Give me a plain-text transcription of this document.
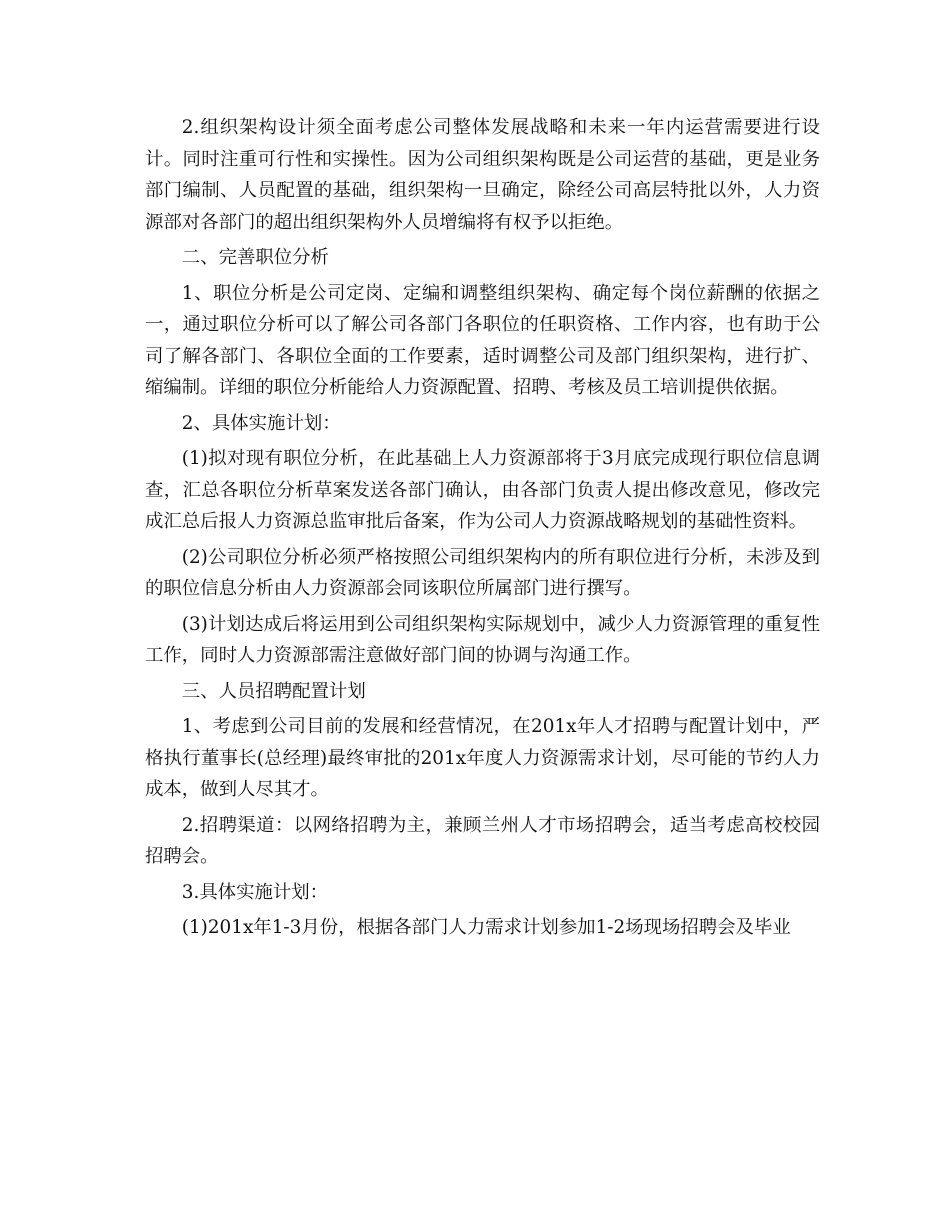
2.组织架构设计须全面考虑公司整体发展战略和未来一年内运营需要进行设计。同时注重可行性和实操性。因为公司组织架构既是公司运营的基础，更是业务部门编制、人员配置的基础，组织架构一旦确定，除经公司高层特批以外，人力资源部对各部门的超出组织架构外人员增编将有权予以拒绝。

二、完善职位分析

1、职位分析是公司定岗、定编和调整组织架构、确定每个岗位薪酬的依据之一，通过职位分析可以了解公司各部门各职位的任职资格、工作内容，也有助于公司了解各部门、各职位全面的工作要素，适时调整公司及部门组织架构，进行扩、缩编制。详细的职位分析能给人力资源配置、招聘、考核及员工培训提供依据。

2、具体实施计划：

(1)拟对现有职位分析，在此基础上人力资源部将于3月底完成现行职位信息调查，汇总各职位分析草案发送各部门确认，由各部门负责人提出修改意见，修改完成汇总后报人力资源总监审批后备案，作为公司人力资源战略规划的基础性资料。

(2)公司职位分析必须严格按照公司组织架构内的所有职位进行分析，未涉及到的职位信息分析由人力资源部会同该职位所属部门进行撰写。

(3)计划达成后将运用到公司组织架构实际规划中，减少人力资源管理的重复性工作，同时人力资源部需注意做好部门间的协调与沟通工作。

三、人员招聘配置计划

1、考虑到公司目前的发展和经营情况，在201x年人才招聘与配置计划中，严格执行董事长(总经理)最终审批的201x年度人力资源需求计划，尽可能的节约人力成本，做到人尽其才。

2.招聘渠道：以网络招聘为主，兼顾兰州人才市场招聘会，适当考虑高校校园招聘会。

3.具体实施计划：

(1)201x年1-3月份，根据各部门人力需求计划参加1-2场现场招聘会及毕业
